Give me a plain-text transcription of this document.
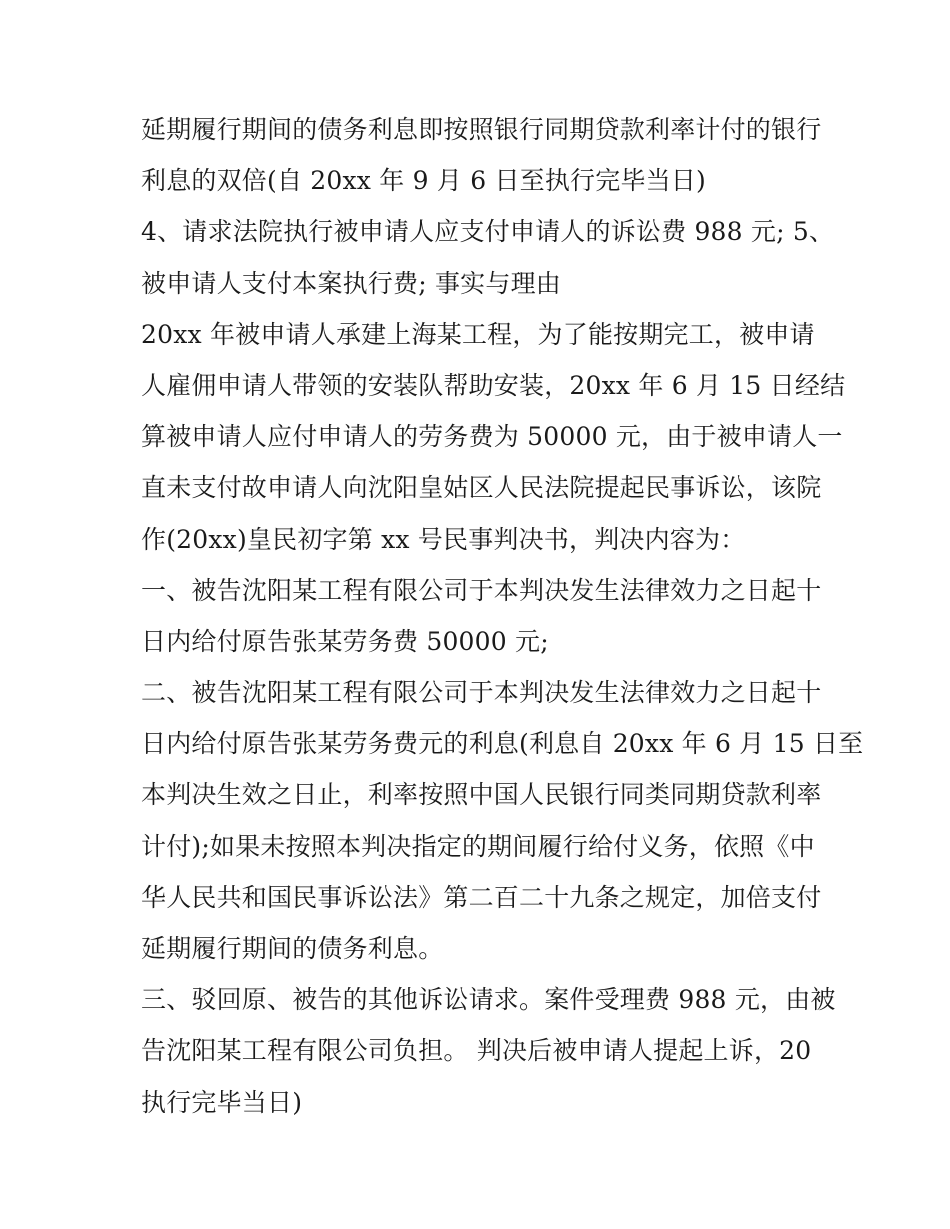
延期履行期间的债务利息即按照银行同期贷款利率计付的银行
利息的双倍(自 20xx 年 9 月 6 日至执行完毕当日)
4、请求法院执行被申请人应支付申请人的诉讼费 988 元; 5、
被申请人支付本案执行费; 事实与理由
20xx 年被申请人承建上海某工程，为了能按期完工，被申请
人雇佣申请人带领的安装队帮助安装，20xx 年 6 月 15 日经结
算被申请人应付申请人的劳务费为 50000 元，由于被申请人一
直未支付故申请人向沈阳皇姑区人民法院提起民事诉讼，该院
作(20xx)皇民初字第 xx 号民事判决书，判决内容为：
一、被告沈阳某工程有限公司于本判决发生法律效力之日起十
日内给付原告张某劳务费 50000 元;
二、被告沈阳某工程有限公司于本判决发生法律效力之日起十
日内给付原告张某劳务费元的利息(利息自 20xx 年 6 月 15 日至
本判决生效之日止，利率按照中国人民银行同类同期贷款利率
计付);如果未按照本判决指定的期间履行给付义务，依照《中
华人民共和国民事诉讼法》第二百二十九条之规定，加倍支付
延期履行期间的债务利息。
三、驳回原、被告的其他诉讼请求。案件受理费 988 元，由被
告沈阳某工程有限公司负担。 判决后被申请人提起上诉，20
执行完毕当日)
